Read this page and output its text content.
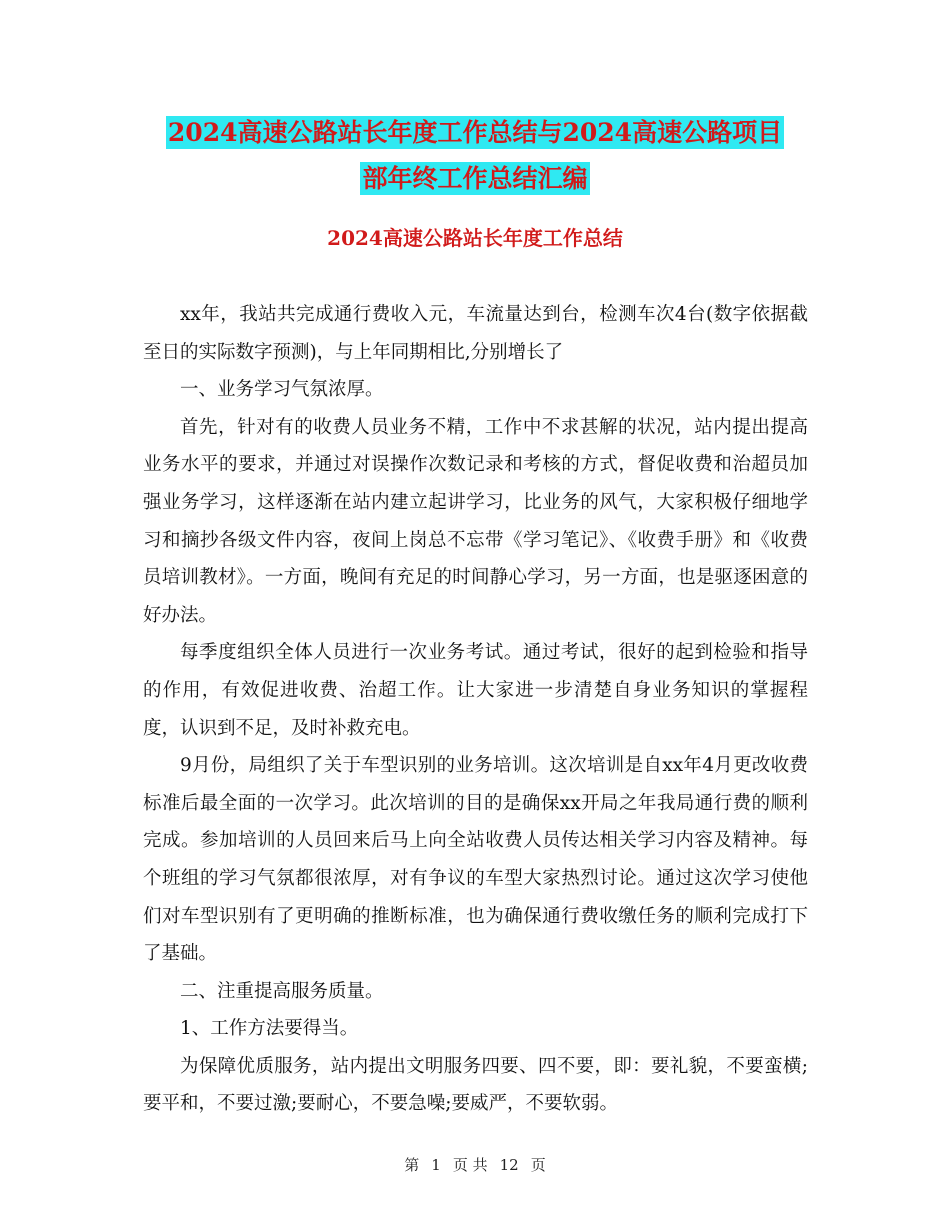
2024高速公路站长年度工作总结与2024高速公路项目
部年终工作总结汇编
2024高速公路站长年度工作总结

xx年，我站共完成通行费收入元，车流量达到台，检测车次4台(数字依据截至日的实际数字预测)，与上年同期相比,分别增长了

一、业务学习气氛浓厚。

首先，针对有的收费人员业务不精，工作中不求甚解的状况，站内提出提高业务水平的要求，并通过对误操作次数记录和考核的方式，督促收费和治超员加强业务学习，这样逐渐在站内建立起讲学习，比业务的风气，大家积极仔细地学习和摘抄各级文件内容，夜间上岗总不忘带《学习笔记》、《收费手册》和《收费员培训教材》。一方面，晚间有充足的时间静心学习，另一方面，也是驱逐困意的好办法。

每季度组织全体人员进行一次业务考试。通过考试，很好的起到检验和指导的作用，有效促进收费、治超工作。让大家进一步清楚自身业务知识的掌握程度，认识到不足，及时补救充电。

9月份，局组织了关于车型识别的业务培训。这次培训是自xx年4月更改收费标准后最全面的一次学习。此次培训的目的是确保xx开局之年我局通行费的顺利完成。参加培训的人员回来后马上向全站收费人员传达相关学习内容及精神。每个班组的学习气氛都很浓厚，对有争议的车型大家热烈讨论。通过这次学习使他们对车型识别有了更明确的推断标准，也为确保通行费收缴任务的顺利完成打下了基础。

二、注重提高服务质量。

1、工作方法要得当。

为保障优质服务，站内提出文明服务四要、四不要，即：要礼貌，不要蛮横;要平和，不要过激;要耐心，不要急噪;要威严，不要软弱。

第 1 页 共 12 页
